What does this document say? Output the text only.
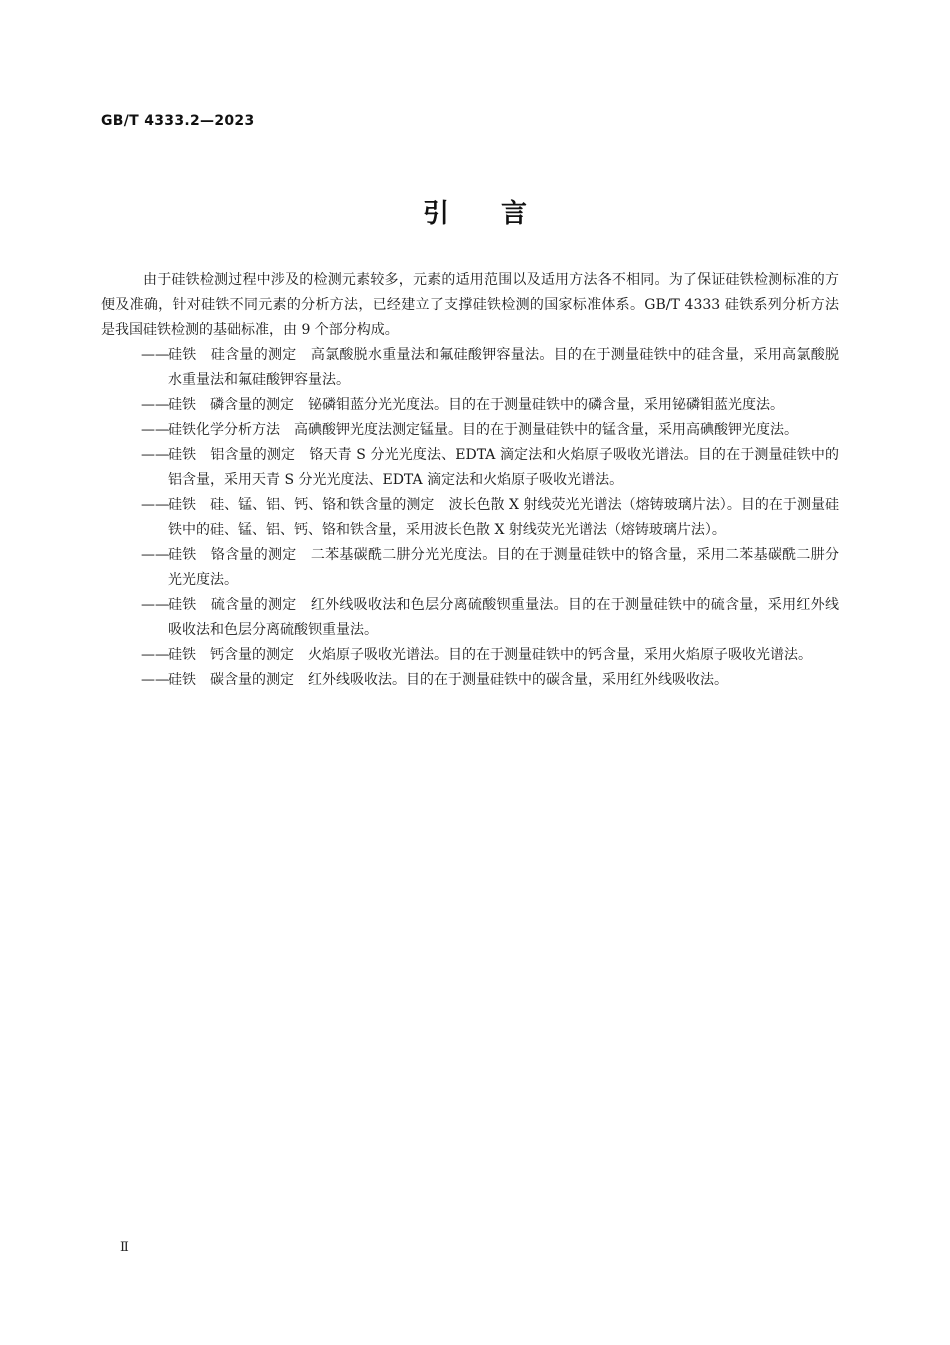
GB/T 4333.2—2023
引言

由于硅铁检测过程中涉及的检测元素较多，元素的适用范围以及适用方法各不相同。为了保证硅铁检测标准的方便及准确，针对硅铁不同元素的分析方法，已经建立了支撑硅铁检测的国家标准体系。GB/T 4333 硅铁系列分析方法是我国硅铁检测的基础标准，由 9 个部分构成。

—— 硅铁　硅含量的测定　高氯酸脱水重量法和氟硅酸钾容量法。目的在于测量硅铁中的硅含量，采用高氯酸脱水重量法和氟硅酸钾容量法。
—— 硅铁　磷含量的测定　铋磷钼蓝分光光度法。目的在于测量硅铁中的磷含量，采用铋磷钼蓝光度法。
—— 硅铁化学分析方法　高碘酸钾光度法测定锰量。目的在于测量硅铁中的锰含量，采用高碘酸钾光度法。
—— 硅铁　铝含量的测定　铬天青 S 分光光度法、EDTA 滴定法和火焰原子吸收光谱法。目的在于测量硅铁中的铝含量，采用天青 S 分光光度法、EDTA 滴定法和火焰原子吸收光谱法。
—— 硅铁　硅、锰、铝、钙、铬和铁含量的测定　波长色散 X 射线荧光光谱法（熔铸玻璃片法）。目的在于测量硅铁中的硅、锰、铝、钙、铬和铁含量，采用波长色散 X 射线荧光光谱法（熔铸玻璃片法）。
—— 硅铁　铬含量的测定　二苯基碳酰二肼分光光度法。目的在于测量硅铁中的铬含量，采用二苯基碳酰二肼分光光度法。
—— 硅铁　硫含量的测定　红外线吸收法和色层分离硫酸钡重量法。目的在于测量硅铁中的硫含量，采用红外线吸收法和色层分离硫酸钡重量法。
—— 硅铁　钙含量的测定　火焰原子吸收光谱法。目的在于测量硅铁中的钙含量，采用火焰原子吸收光谱法。
—— 硅铁　碳含量的测定　红外线吸收法。目的在于测量硅铁中的碳含量，采用红外线吸收法。
Ⅱ
